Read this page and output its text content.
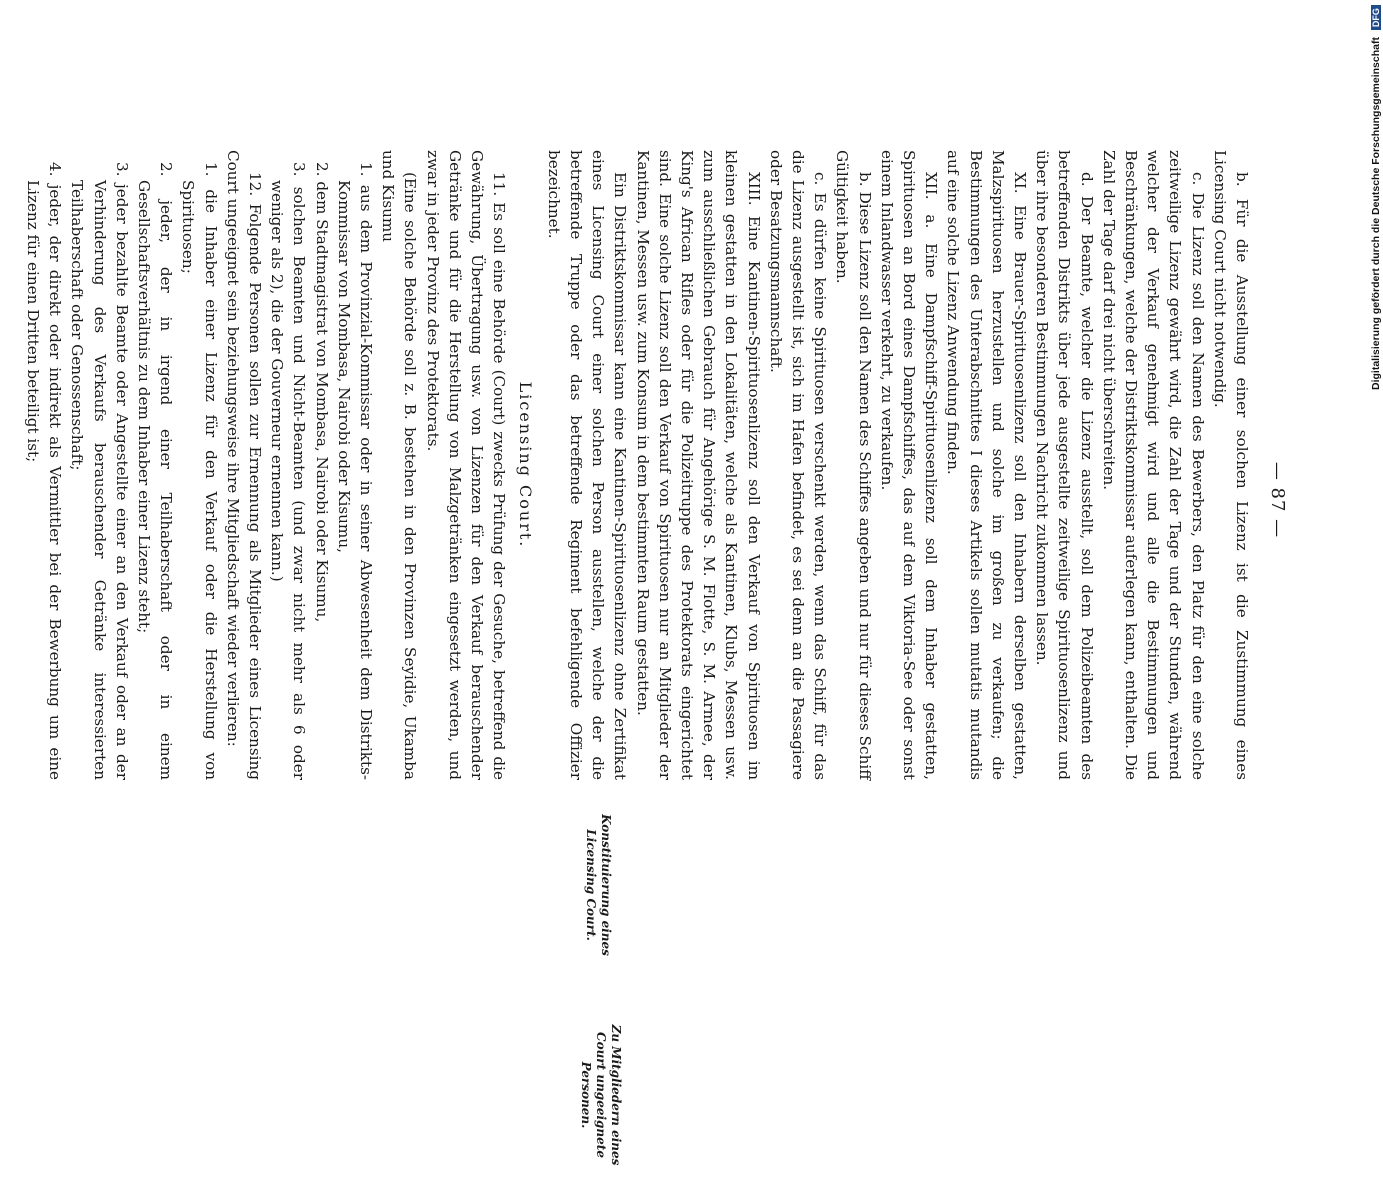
— 87 —

b. Für die Ausstellung einer solchen Lizenz ist die Zustimmung eines Licensing Court nicht notwendig.

c. Die Lizenz soll den Namen des Bewerbers, den Platz für den eine solche zeitweilige Lizenz gewährt wird, die Zahl der Tage und der Stunden, während welcher der Verkauf genehmigt wird und alle die Bestimmungen und Beschränkungen, welche der Distriktskommissar auferlegen kann, enthalten. Die Zahl der Tage darf drei nicht überschreiten.

d. Der Beamte, welcher die Lizenz ausstellt, soll dem Polizeibeamten des betreffenden Distrikts über jede ausgestellte zeitweilige Spirituosenlizenz und über ihre besonderen Bestimmungen Nachricht zukommen lassen.

XI. Eine Brauer-Spirituosenlizenz soll den Inhabern derselben gestatten, Malzspirituosen herzustellen und solche im großen zu verkaufen; die Bestimmungen des Unterabschnittes I dieses Artikels sollen mutatis mutandis auf eine solche Lizenz Anwendung finden.

XII. a. Eine Dampfschiff-Spirituosenlizenz soll dem Inhaber gestatten, Spirituosen an Bord eines Dampfschiffes, das auf dem Viktoria-See oder sonst einem Inlandwasser verkehrt, zu verkaufen.

b. Diese Lizenz soll den Namen des Schiffes angeben und nur für dieses Schiff Gültigkeit haben.

c. Es dürfen keine Spirituosen verschenkt werden, wenn das Schiff, für das die Lizenz ausgestellt ist, sich im Hafen befindet, es sei denn an die Passagiere oder Besatzungsmannschaft.

XIII. Eine Kantinen-Spirituosenlizenz soll den Verkauf von Spirituosen im kleinen gestatten in den Lokalitäten, welche als Kantinen, Klubs, Messen usw. zum ausschließlichen Gebrauch für Angehörige S. M. Flotte, S. M. Armee, der King's African Rifles oder für die Polizeitruppe des Protektorats eingerichtet sind. Eine solche Lizenz soll den Verkauf von Spirituosen nur an Mitglieder der Kantinen, Messen usw. zum Konsum in dem bestimmten Raum gestatten.

Ein Distriktskommissar kann eine Kantinen-Spirituosenlizenz ohne Zertifikat eines Licensing Court einer solchen Person ausstellen, welche der die betreffende Truppe oder das betreffende Regiment befehligende Offizier bezeichnet.

Licensing Court.

11. Es soll eine Behörde (Court) zwecks Prüfung der Gesuche, betreffend die Gewährung, Übertragung usw. von Lizenzen für den Verkauf berauschender Getränke und für die Herstellung von Malzgetränken eingesetzt werden, und zwar in jeder Provinz des Protektorats.

(Eine solche Behörde soll z. B. bestehen in den Provinzen Seyidie, Ukamba und Kisumu

1. aus dem Provinzial-Kommissar oder in seiner Abwesenheit dem Distrikts-Kommissar von Mombasa, Nairobi oder Kisumu,

2. dem Stadtmagistrat von Mombasa, Nairobi oder Kisumu,

3. solchen Beamten und Nicht-Beamten (und zwar nicht mehr als 6 oder weniger als 2), die der Gouverneur ernennen kann.)

12. Folgende Personen sollen zur Ernennung als Mitglieder eines Licensing Court ungeeignet sein beziehungsweise ihre Mitgliedschaft wieder verlieren:

1. die Inhaber einer Lizenz für den Verkauf oder die Herstellung von Spirituosen;

2. jeder, der in irgend einer Teilhaberschaft oder in einem Gesellschaftsverhältnis zu dem Inhaber einer Lizenz steht;

3. jeder bezahlte Beamte oder Angestellte einer an den Verkauf oder an der Verhinderung des Verkaufs berauschender Getränke interessierten Teilhaberschaft oder Genossenschaft;

4. jeder, der direkt oder indirekt als Vermittler bei der Bewerbung um eine Lizenz für einen Dritten beteiligt ist;

Konstituierung eines Licensing Court.
Zu Mitgliedern eines Court ungeeignete Personen.
Digitalisierung gefördert durch die Deutsche Forschungsgemeinschaft DFG
